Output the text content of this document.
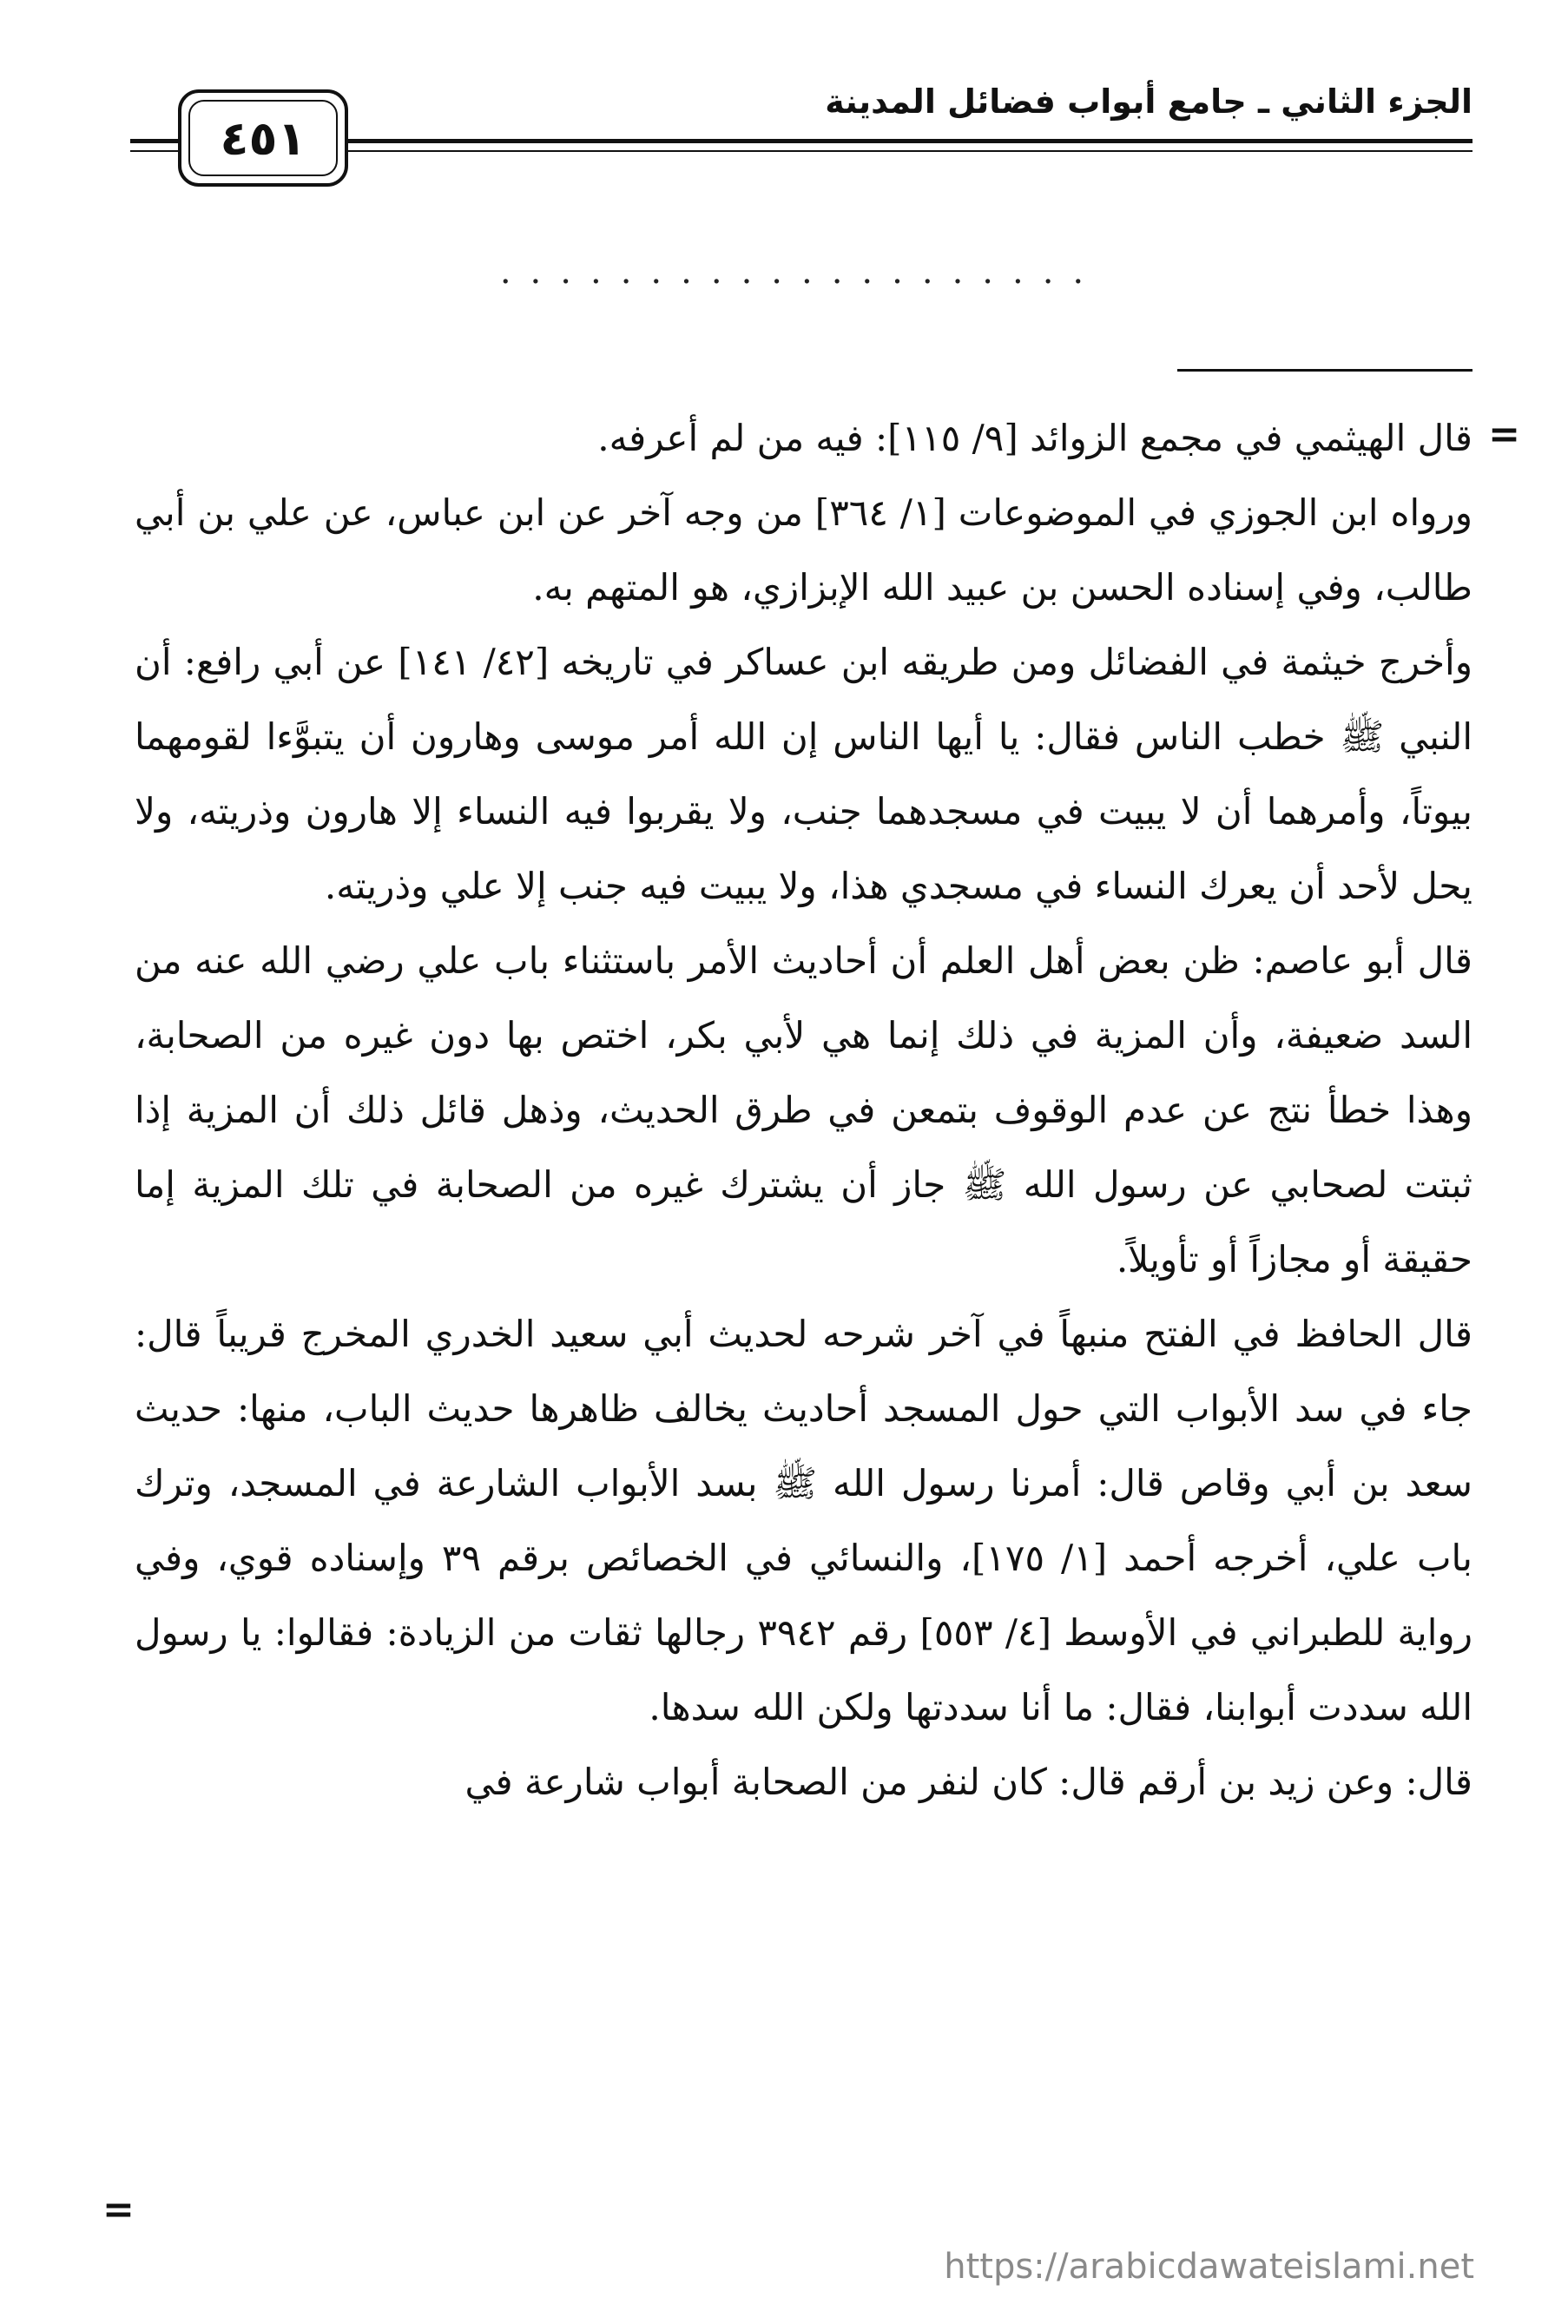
الجزء الثاني ـ جامع أبواب فضائل المدينة
٤٥١
....................
=

قال الهيثمي في مجمع الزوائد [٩/ ١١٥]: فيه من لم أعرفه.

ورواه ابن الجوزي في الموضوعات [١/ ٣٦٤] من وجه آخر عن ابن عباس، عن علي بن أبي طالب، وفي إسناده الحسن بن عبيد الله الإبزازي، هو المتهم به.

وأخرج خيثمة في الفضائل ومن طريقه ابن عساكر في تاريخه [٤٢/ ١٤١] عن أبي رافع: أن النبي ﷺ خطب الناس فقال: يا أيها الناس إن الله أمر موسى وهارون أن يتبوَّءا لقومهما بيوتاً، وأمرهما أن لا يبيت في مسجدهما جنب، ولا يقربوا فيه النساء إلا هارون وذريته، ولا يحل لأحد أن يعرك النساء في مسجدي هذا، ولا يبيت فيه جنب إلا علي وذريته.

قال أبو عاصم: ظن بعض أهل العلم أن أحاديث الأمر باستثناء باب علي رضي الله عنه من السد ضعيفة، وأن المزية في ذلك إنما هي لأبي بكر، اختص بها دون غيره من الصحابة، وهذا خطأ نتج عن عدم الوقوف بتمعن في طرق الحديث، وذهل قائل ذلك أن المزية إذا ثبتت لصحابي عن رسول الله ﷺ جاز أن يشترك غيره من الصحابة في تلك المزية إما حقيقة أو مجازاً أو تأويلاً.

قال الحافظ في الفتح منبهاً في آخر شرحه لحديث أبي سعيد الخدري المخرج قريباً قال: جاء في سد الأبواب التي حول المسجد أحاديث يخالف ظاهرها حديث الباب، منها: حديث سعد بن أبي وقاص قال: أمرنا رسول الله ﷺ بسد الأبواب الشارعة في المسجد، وترك باب علي، أخرجه أحمد [١/ ١٧٥]، والنسائي في الخصائص برقم ٣٩ وإسناده قوي، وفي رواية للطبراني في الأوسط [٤/ ٥٥٣] رقم ٣٩٤٢ رجالها ثقات من الزيادة: فقالوا: يا رسول الله سددت أبوابنا، فقال: ما أنا سددتها ولكن الله سدها.

قال: وعن زيد بن أرقم قال: كان لنفر من الصحابة أبواب شارعة في

=
https://arabicdawateislami.net
